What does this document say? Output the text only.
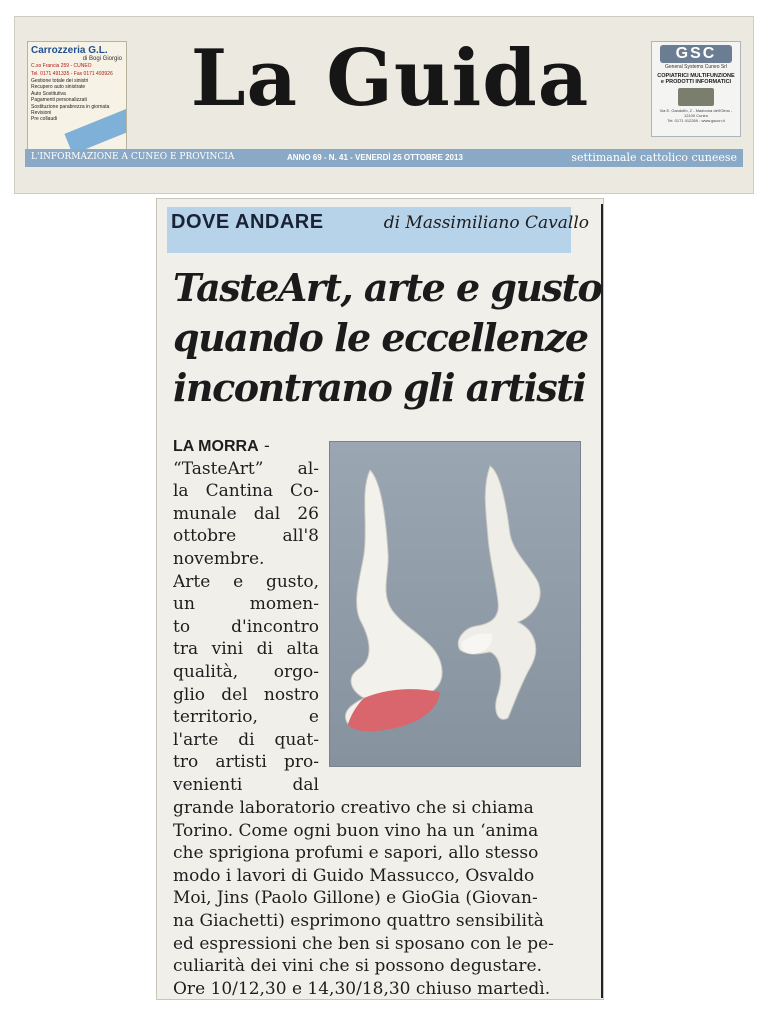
Carrozzeria G.L.
di Bogi Giorgio
C.so Francia 259 - CUNEO
Tel. 0171 491335 - Fax 0171 493926
Gestione totale dei sinistri
Recupero auto sinistrate
Auto Sostitutiva
Pagamenti personalizzati
Sostituzione parabrezza in giornata
Revisioni
Pre collaudi	La Guida	GSC
General Systems Cuneo Srl
COPIATRICI MULTIFUNZIONE
e PRODOTTI INFORMATICI
Via E. Gandolfo, 2 - Madonna dell'Olmo - 12100 Cuneo
Tel. 0171 412269 - www.gsccn.it
L'INFORMAZIONE A CUNEO E PROVINCIA	ANNO 69 - N. 41 - VENERDÌ 25 OTTOBRE 2013	settimanale cattolico cuneese
DOVE ANDARE	di Massimiliano Cavallo
TasteArt, arte e gusto
quando le eccellenze
incontrano gli artisti
LA MORRA -
“TasteArt” al-
la Cantina Co-
munale dal 26
ottobre all'8
novembre.
Arte e gusto,
un momen-
to d'incontro
tra vini di alta
qualità, orgo-
glio del nostro
territorio, e
l'arte di quat-
tro artisti pro-
venienti dal
grande laboratorio creativo che si chiama
Torino. Come ogni buon vino ha un ‘anima
che sprigiona profumi e sapori, allo stesso
modo i lavori di Guido Massucco, Osvaldo
Moi, Jins (Paolo Gillone) e GioGia (Giovan-
na Giachetti) esprimono quattro sensibilità
ed espressioni che ben si sposano con le pe-
culiarità dei vini che si possono degustare.
Ore 10/12,30 e 14,30/18,30 chiuso martedì.
